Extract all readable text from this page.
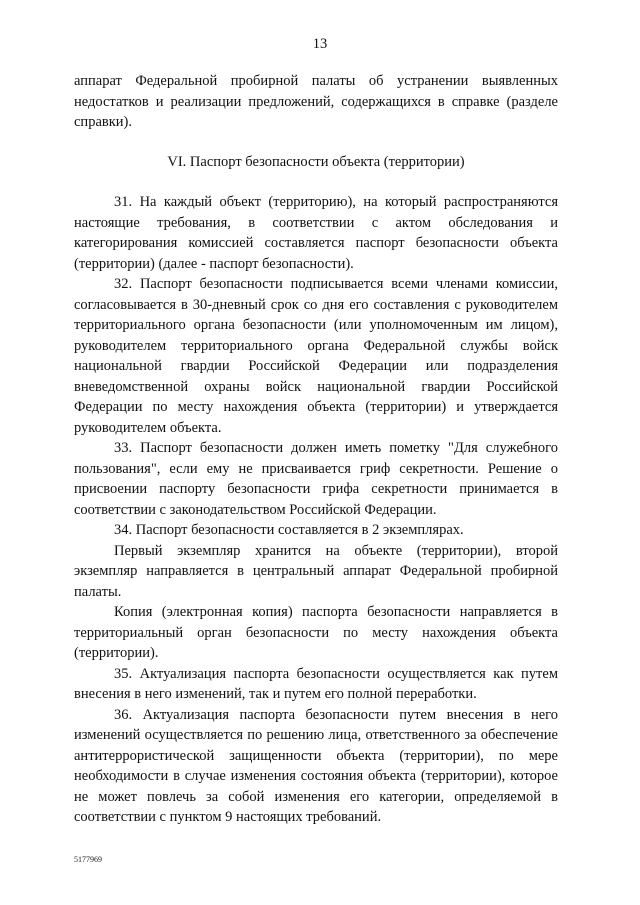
13

аппарат Федеральной пробирной палаты об устранении выявленных недостатков и реализации предложений, содержащихся в справке (разделе справки).

VI. Паспорт безопасности объекта (территории)

31. На каждый объект (территорию), на который распространяются настоящие требования, в соответствии с актом обследования и категорирования комиссией составляется паспорт безопасности объекта (территории) (далее - паспорт безопасности).

32. Паспорт безопасности подписывается всеми членами комиссии, согласовывается в 30-дневный срок со дня его составления с руководителем территориального органа безопасности (или уполномоченным им лицом), руководителем территориального органа Федеральной службы войск национальной гвардии Российской Федерации или подразделения вневедомственной охраны войск национальной гвардии Российской Федерации по месту нахождения объекта (территории) и утверждается руководителем объекта.

33. Паспорт безопасности должен иметь пометку "Для служебного пользования", если ему не присваивается гриф секретности. Решение о присвоении паспорту безопасности грифа секретности принимается в соответствии с законодательством Российской Федерации.

34. Паспорт безопасности составляется в 2 экземплярах.

Первый экземпляр хранится на объекте (территории), второй экземпляр направляется в центральный аппарат Федеральной пробирной палаты.

Копия (электронная копия) паспорта безопасности направляется в территориальный орган безопасности по месту нахождения объекта (территории).

35. Актуализация паспорта безопасности осуществляется как путем внесения в него изменений, так и путем его полной переработки.

36. Актуализация паспорта безопасности путем внесения в него изменений осуществляется по решению лица, ответственного за обеспечение антитеррористической защищенности объекта (территории), по мере необходимости в случае изменения состояния объекта (территории), которое не может повлечь за собой изменения его категории, определяемой в соответствии с пунктом 9 настоящих требований.

5177969
